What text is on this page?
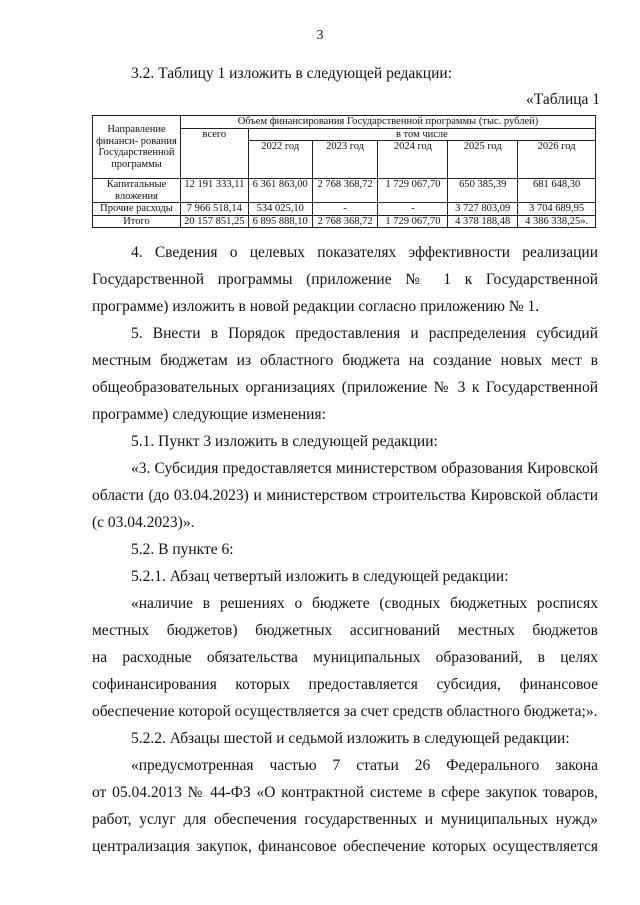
3
3.2. Таблицу 1 изложить в следующей редакции:
«Таблица 1
Направление финанси- рования Государственной программы	Объем финансирования Государственной программы (тыс. рублей)					
	всего	в том числе				
		2022 год	2023 год	2024 год	2025 год	2026 год
Капитальные вложения	12 191 333,11	6 361 863,00	2 768 368,72	1 729 067,70	650 385,39	681 648,30
Прочие расходы	7 966 518,14	534 025,10	-	-	3 727 803,09	3 704 689,95
Итого	20 157 851,25	6 895 888,10	2 768 368,72	1 729 067,70	4 378 188,48	4 386 338,25».
4. Сведения о целевых показателях эффективности реализации
Государственной программы (приложение № 1 к Государственной
программе) изложить в новой редакции согласно приложению № 1.
5. Внести в Порядок предоставления и распределения субсидий
местным бюджетам из областного бюджета на создание новых мест в
общеобразовательных организациях (приложение № 3 к Государственной
программе) следующие изменения:
5.1. Пункт 3 изложить в следующей редакции:
«3. Субсидия предоставляется министерством образования Кировской
области (до 03.04.2023) и министерством строительства Кировской области
(с 03.04.2023)».
5.2. В пункте 6:
5.2.1. Абзац четвертый изложить в следующей редакции:
«наличие в решениях о бюджете (сводных бюджетных росписях
местных бюджетов) бюджетных ассигнований местных бюджетов
на расходные обязательства муниципальных образований, в целях
софинансирования которых предоставляется субсидия, финансовое
обеспечение которой осуществляется за счет средств областного бюджета;».
5.2.2. Абзацы шестой и седьмой изложить в следующей редакции:
«предусмотренная частью 7 статьи 26 Федерального закона
от 05.04.2013 № 44-ФЗ «О контрактной системе в сфере закупок товаров,
работ, услуг для обеспечения государственных и муниципальных нужд»
централизация закупок, финансовое обеспечение которых осуществляется
